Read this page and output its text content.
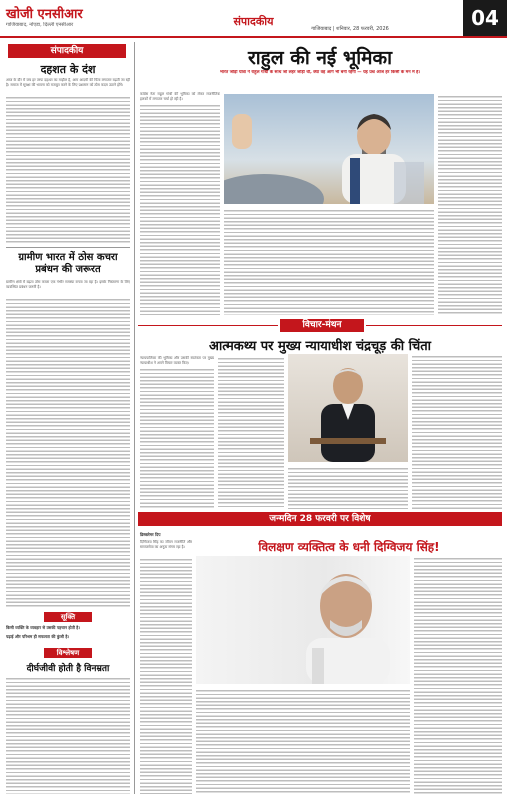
खोजी एनसीआर
गाजियाबाद, नोएडा, दिल्ली एनसीआर	संपादकीय
गाजियाबाद | शनिवार, 28 फरवरी, 2026	04
संपादकीय
दहशत के दंश
आज के दौर में जब हर तरफ दहशत का माहौल है, आम आदमी की चिंता लगातार बढ़ती जा रही है। समाज में सुरक्षा की भावना को मजबूत करने के लिए प्रशासन को ठोस कदम उठाने होंगे।
ग्रामीण भारत में ठोस कचरा प्रबंधन की जरूरत
ग्रामीण क्षेत्रों में बढ़ता ठोस कचरा एक गंभीर समस्या बनता जा रहा है। इसके निस्तारण के लिए व्यवस्थित प्रबंधन जरूरी है।
सूक्ति
किसी व्यक्ति के व्यवहार से उसकी पहचान होती है।
पढ़ाई और परिश्रम ही सफलता की कुंजी है।
विश्लेषण
दीर्घजीवी होती है विनम्रता
राहुल की नई भूमिका
भारत जोड़ो यात्रा ने राहुल गांधी के साथ जो लहर जोड़ी थी, क्या वह आगे भी बनी रहेगी — यह प्रश्न आज हर किसी के मन में है।
कांग्रेस नेता राहुल गांधी की भूमिका को लेकर राजनीतिक हलकों में लगातार चर्चा हो रही है।
विचार-मंथन
आत्मकथ्य पर मुख्य न्यायाधीश चंद्रचूड़ की चिंता
न्यायपालिका की भूमिका और उसकी स्वतंत्रता पर मुख्य न्यायाधीश ने अपने विचार व्यक्त किए।
जन्मदिन 28 फरवरी पर विशेष
डिस्क्लेमर दिप
विलक्षण व्यक्तित्व के धनी दिग्विजय सिंह!
दिग्विजय सिंह का जीवन राजनीति और समाजसेवा का अनूठा संगम रहा है।
